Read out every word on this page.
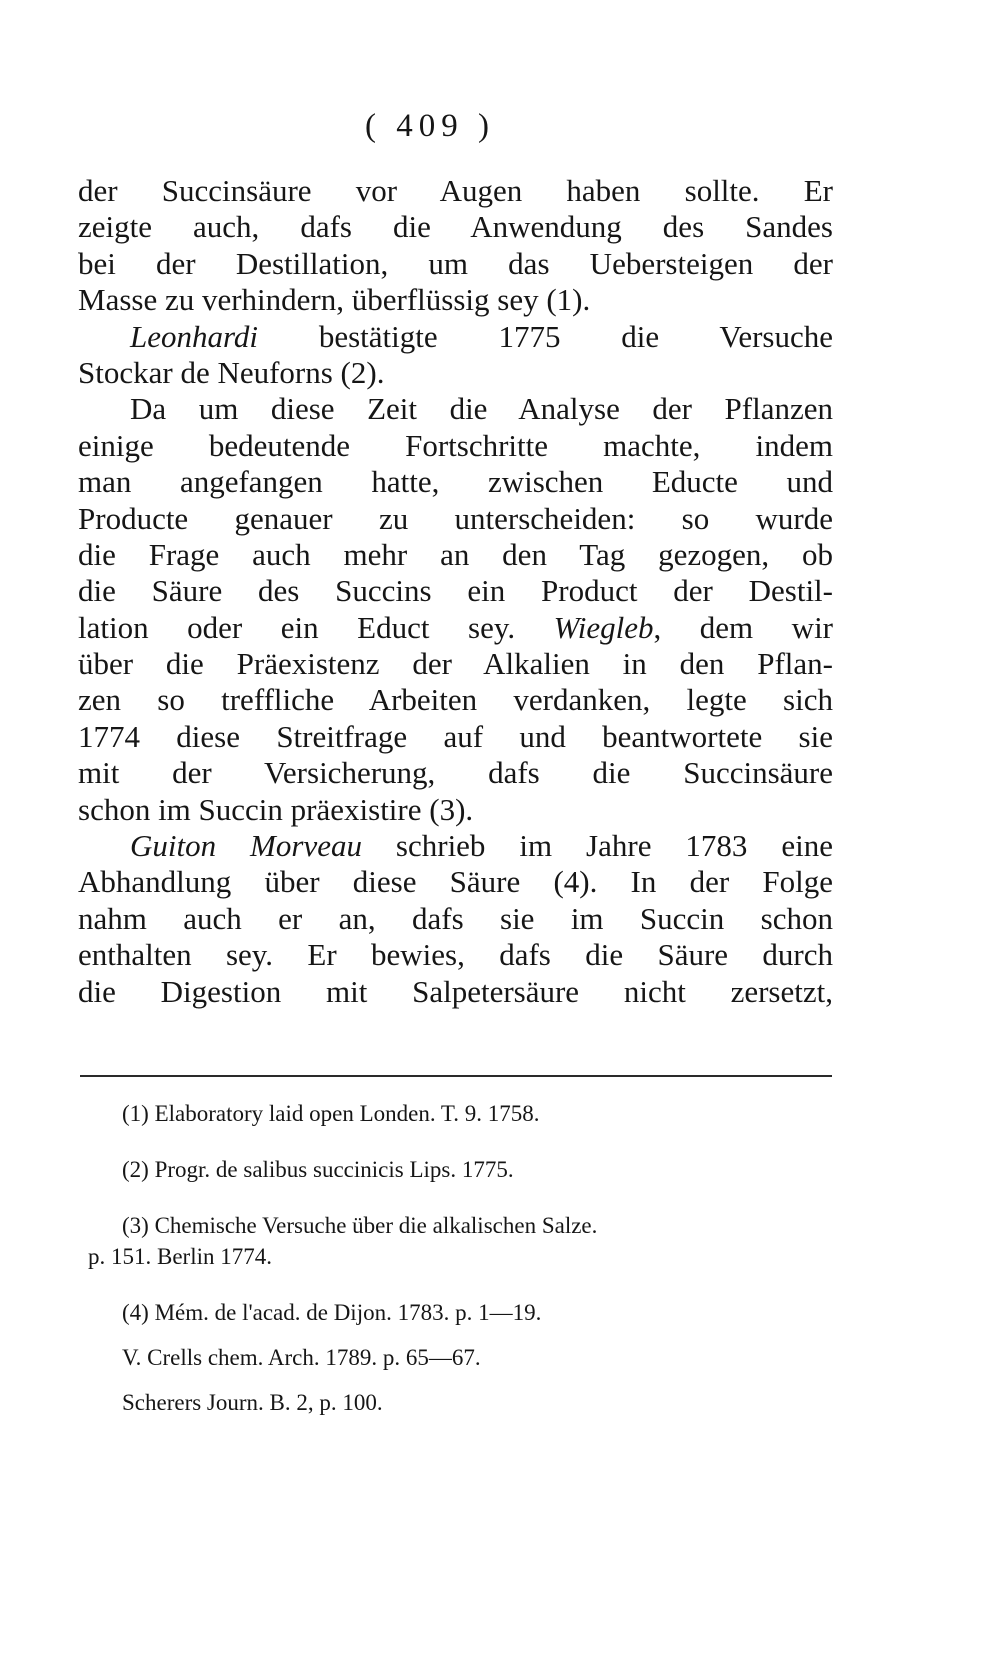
( 409 )
der Succinsäure vor Augen haben sollte. Er
zeigte auch, dafs die Anwendung des Sandes
bei der Destillation, um das Uebersteigen der
Masse zu verhindern, überflüssig sey (1).
Leonhardi bestätigte 1775 die Versuche
Stockar de Neuforns (2).
Da um diese Zeit die Analyse der Pflanzen
einige bedeutende Fortschritte machte, indem
man angefangen hatte, zwischen Educte und
Producte genauer zu unterscheiden: so wurde
die Frage auch mehr an den Tag gezogen, ob
die Säure des Succins ein Product der Destil-
lation oder ein Educt sey. Wiegleb, dem wir
über die Präexistenz der Alkalien in den Pflan-
zen so treffliche Arbeiten verdanken, legte sich
1774 diese Streitfrage auf und beantwortete sie
mit der Versicherung, dafs die Succinsäure
schon im Succin präexistire (3).
Guiton Morveau schrieb im Jahre 1783 eine
Abhandlung über diese Säure (4). In der Folge
nahm auch er an, dafs sie im Succin schon
enthalten sey. Er bewies, dafs die Säure durch
die Digestion mit Salpetersäure nicht zersetzt,
(1) Elaboratory laid open Londen. T. 9. 1758.
(2) Progr. de salibus succinicis Lips. 1775.
(3) Chemische Versuche über die alkalischen Salze.
p. 151. Berlin 1774.
(4) Mém. de l'acad. de Dijon. 1783. p. 1—19.
V. Crells chem. Arch. 1789. p. 65—67.
Scherers Journ. B. 2, p. 100.
